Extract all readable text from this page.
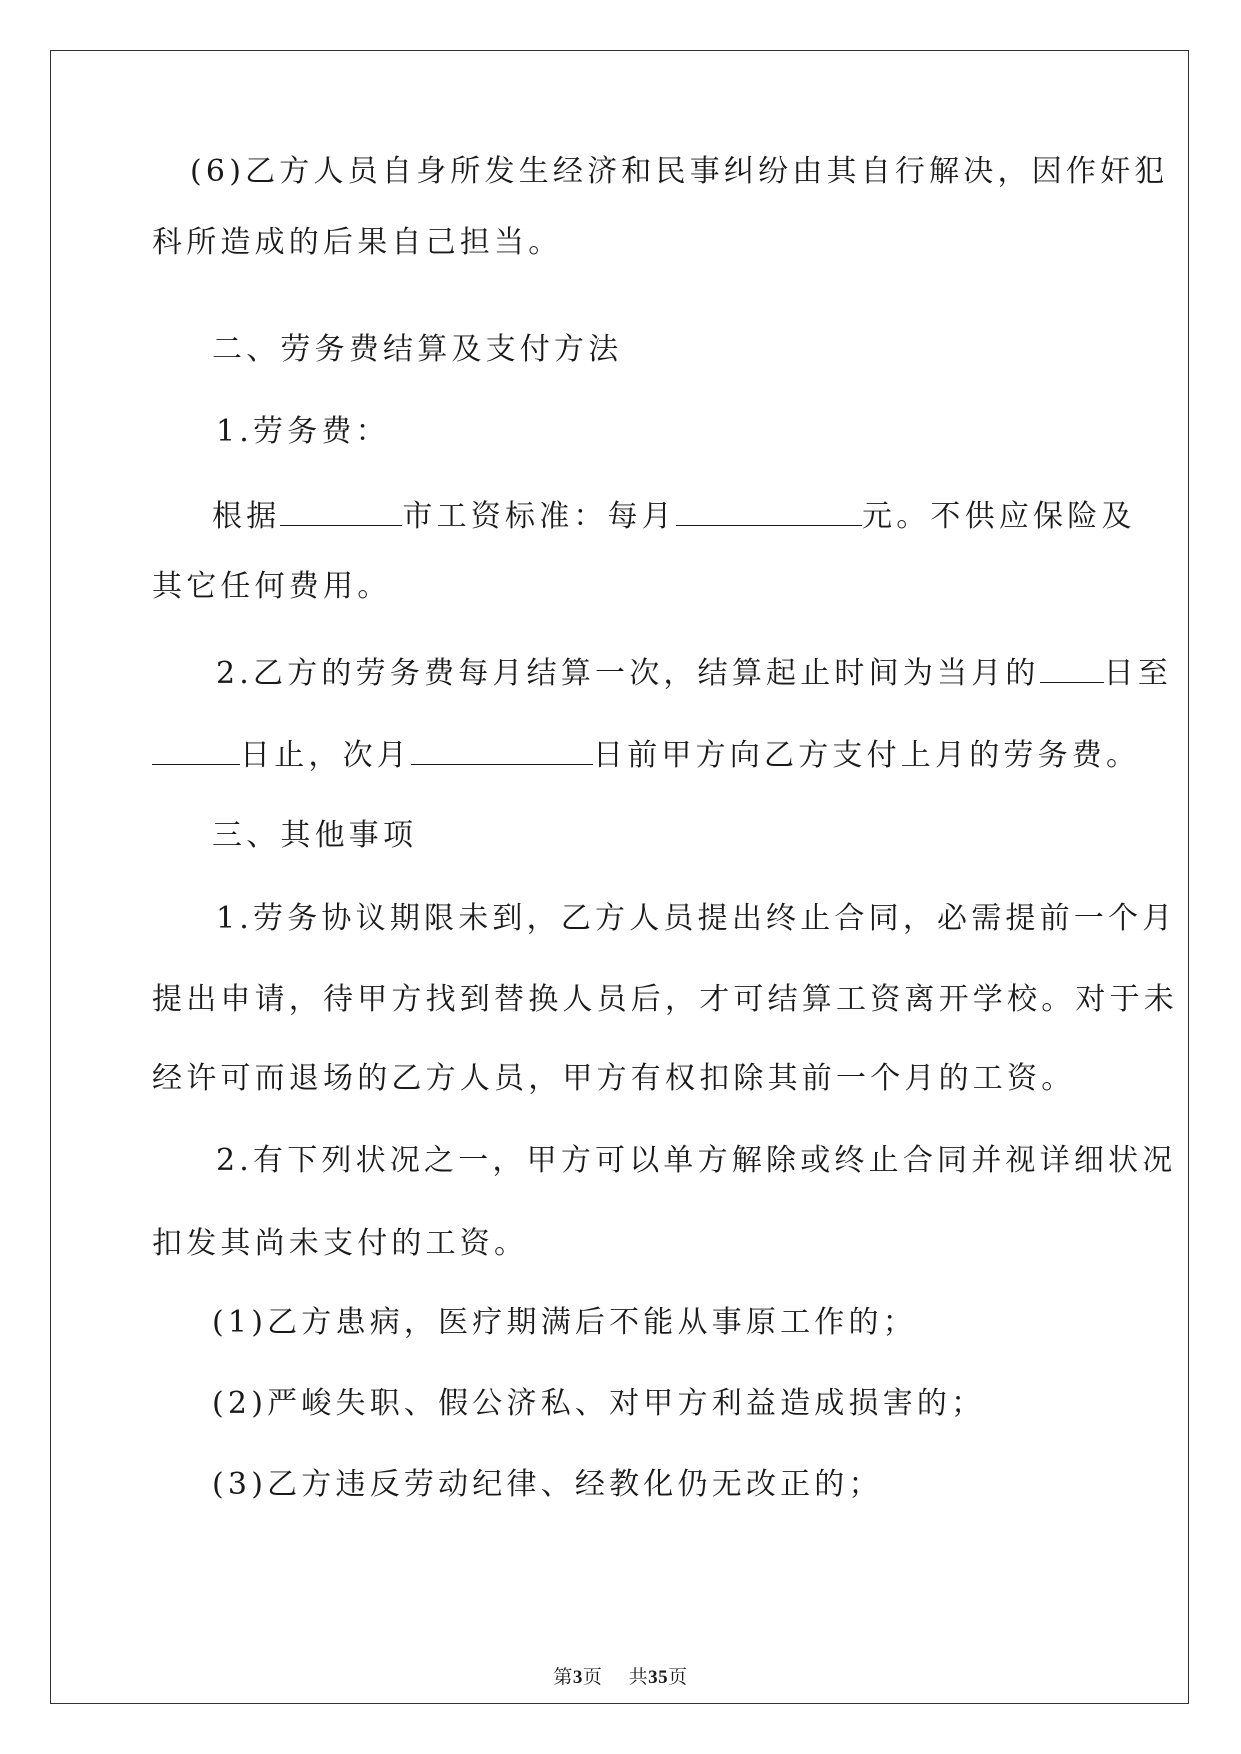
(6)乙方人员自身所发生经济和民事纠纷由其自行解决，因作奸犯
科所造成的后果自己担当。
二、劳务费结算及支付方法
1.劳务费：
根据	市工资标准：每月	元。不供应保险及
其它任何费用。
2.乙方的劳务费每月结算一次，结算起止时间为当月的 日至
日止，次月	日前甲方向乙方支付上月的劳务费。
三、其他事项
1.劳务协议期限未到，乙方人员提出终止合同，必需提前一个月
提出申请，待甲方找到替换人员后，才可结算工资离开学校。对于未
经许可而退场的乙方人员，甲方有权扣除其前一个月的工资。
2.有下列状况之一，甲方可以单方解除或终止合同并视详细状况
扣发其尚未支付的工资。
(1)乙方患病，医疗期满后不能从事原工作的；
(2)严峻失职、假公济私、对甲方利益造成损害的；
(3)乙方违反劳动纪律、经教化仍无改正的；
第3页    共35页
